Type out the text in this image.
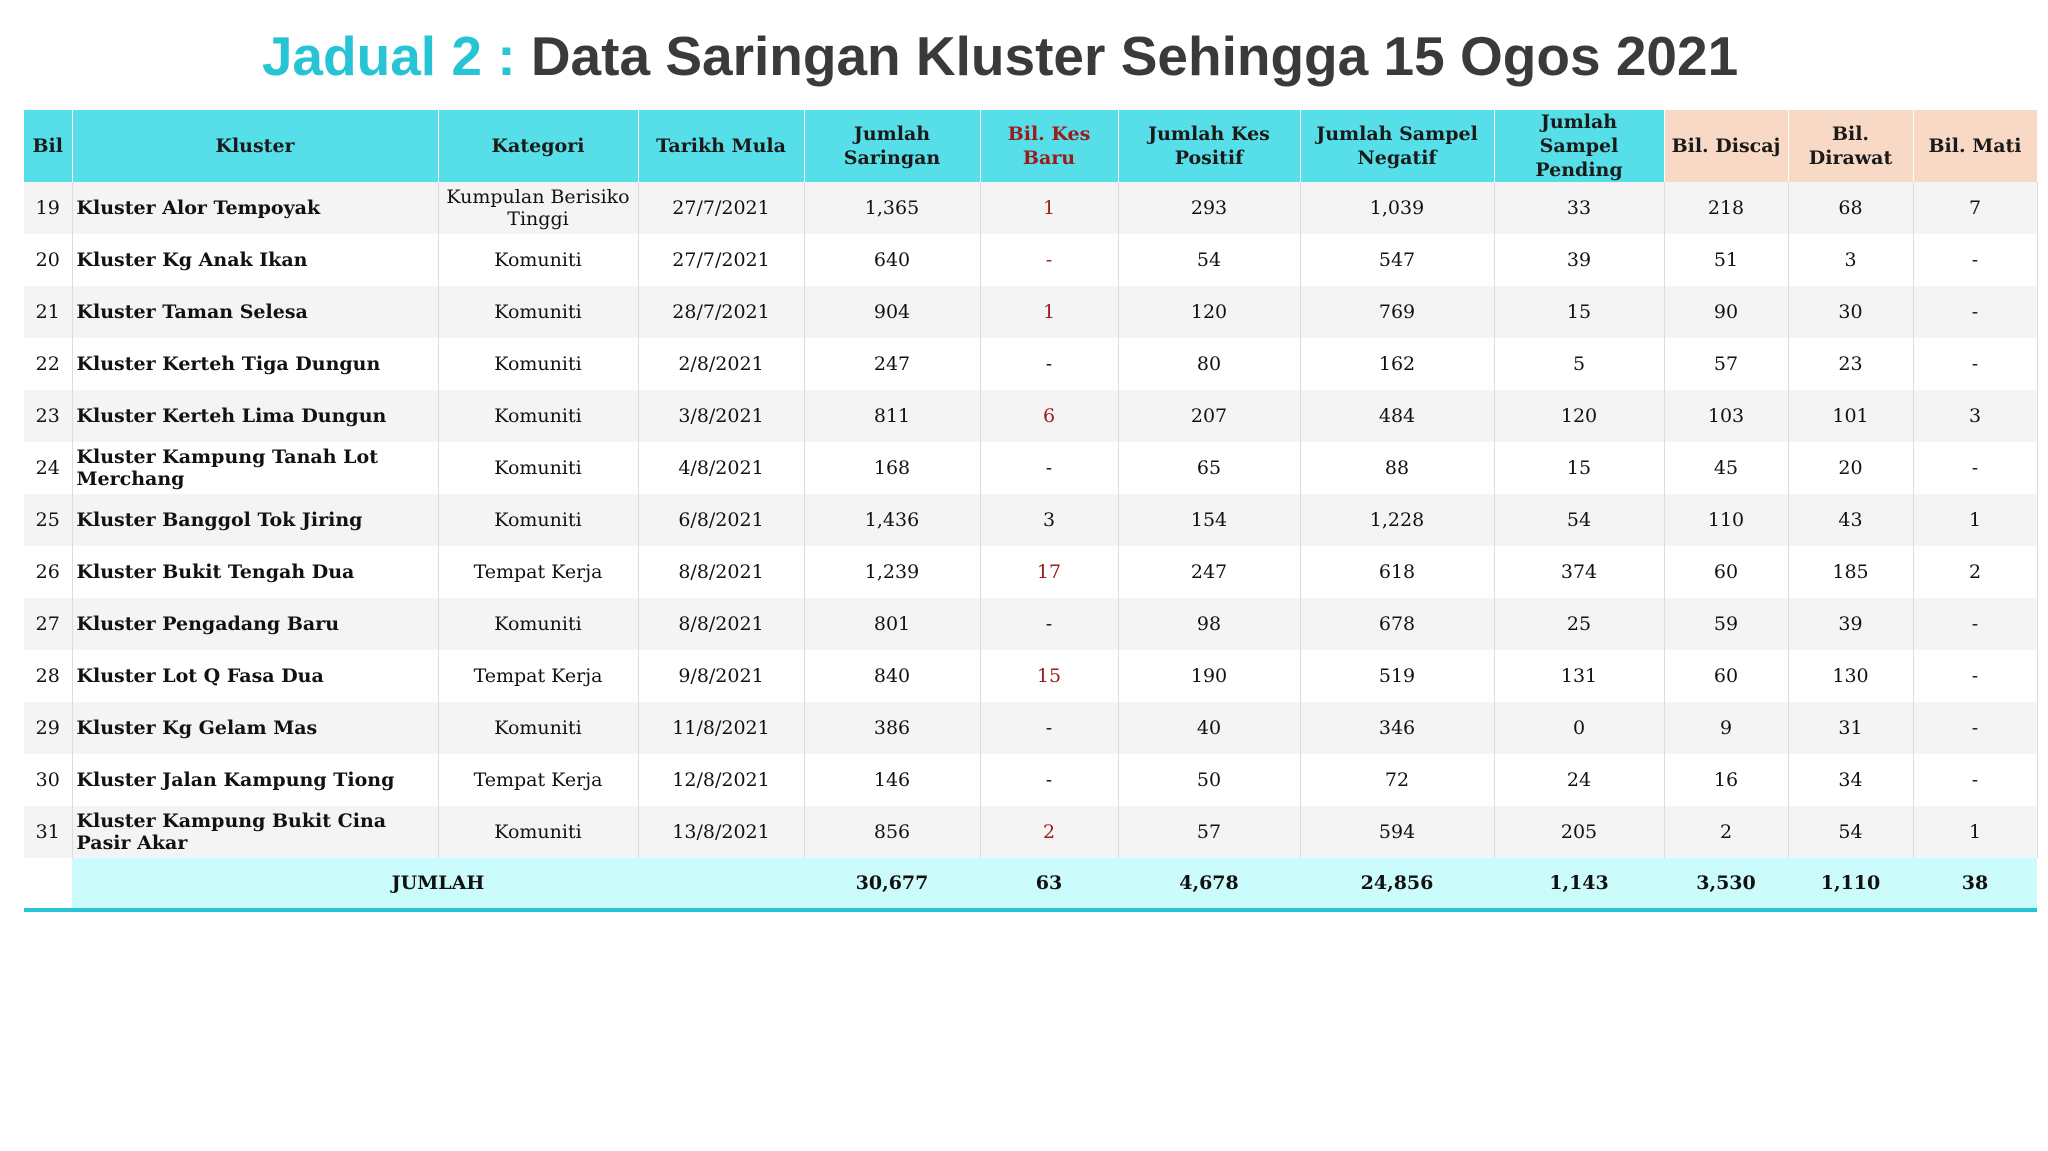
Jadual 2 : Data Saringan Kluster Sehingga 15 Ogos 2021
Bil	Kluster	Kategori	Tarikh Mula	Jumlah Saringan	Bil. Kes Baru	Jumlah Kes Positif	Jumlah Sampel Negatif	Jumlah Sampel Pending	Bil. Discaj	Bil. Dirawat	Bil. Mati
19	Kluster Alor Tempoyak	Kumpulan Berisiko Tinggi	27/7/2021	1,365	1	293	1,039	33	218	68	7
20	Kluster Kg Anak Ikan	Komuniti	27/7/2021	640	-	54	547	39	51	3	-
21	Kluster Taman Selesa	Komuniti	28/7/2021	904	1	120	769	15	90	30	-
22	Kluster Kerteh Tiga Dungun	Komuniti	2/8/2021	247	-	80	162	5	57	23	-
23	Kluster Kerteh Lima Dungun	Komuniti	3/8/2021	811	6	207	484	120	103	101	3
24	Kluster Kampung Tanah Lot Merchang	Komuniti	4/8/2021	168	-	65	88	15	45	20	-
25	Kluster Banggol Tok Jiring	Komuniti	6/8/2021	1,436	3	154	1,228	54	110	43	1
26	Kluster Bukit Tengah Dua	Tempat Kerja	8/8/2021	1,239	17	247	618	374	60	185	2
27	Kluster Pengadang Baru	Komuniti	8/8/2021	801	-	98	678	25	59	39	-
28	Kluster Lot Q Fasa Dua	Tempat Kerja	9/8/2021	840	15	190	519	131	60	130	-
29	Kluster Kg Gelam Mas	Komuniti	11/8/2021	386	-	40	346	0	9	31	-
30	Kluster Jalan Kampung Tiong	Tempat Kerja	12/8/2021	146	-	50	72	24	16	34	-
31	Kluster Kampung Bukit Cina Pasir Akar	Komuniti	13/8/2021	856	2	57	594	205	2	54	1
	JUMLAH			30,677	63	4,678	24,856	1,143	3,530	1,110	38
